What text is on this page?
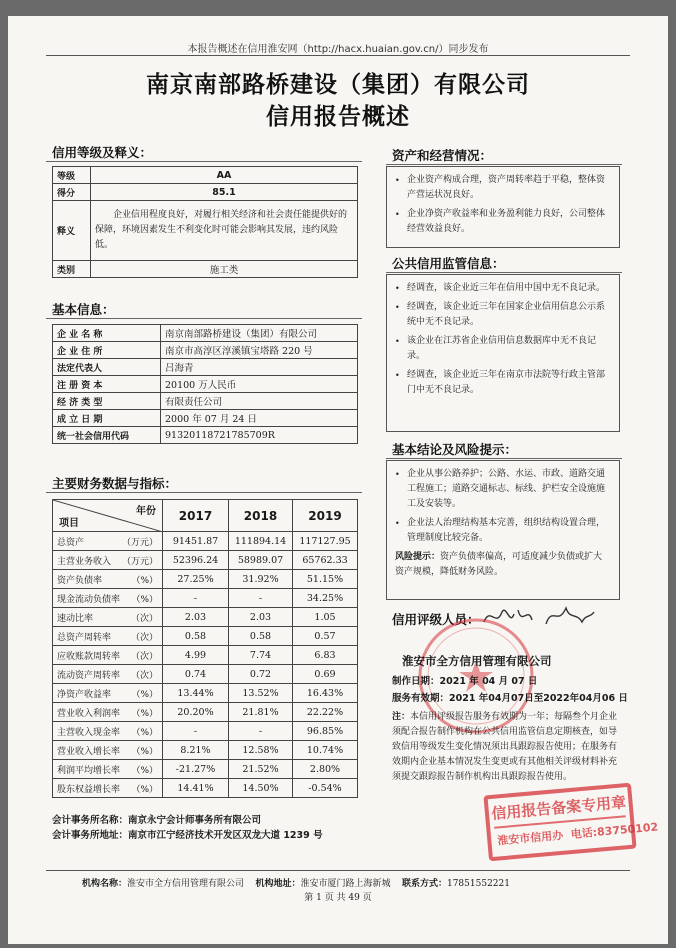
本报告概述在信用淮安网（http://hacx.huaian.gov.cn/）同步发布
南京南部路桥建设（集团）有限公司
信用报告概述
信用等级及释义：
等级	AA
得分	85.1
释义	企业信用程度良好，对履行相关经济和社会责任能提供好的保障，环境因素发生不利变化时可能会影响其发展，违约风险低。
类别	施工类
基本信息：
企 业 名 称	南京南部路桥建设（集团）有限公司
企 业 住 所	南京市高淳区淳溪镇宝塔路 220 号
法定代表人	吕海青
注 册 资 本	20100 万人民币
经 济 类 型	有限责任公司
成 立 日 期	2000 年 07 月 24 日
统一社会信用代码	91320118721785709R
主要财务数据与指标：
年份
项目	2017	2018	2019
总资产 （万元）	91451.87	111894.14	117127.95
主营业务收入 （万元）	52396.24	58989.07	65762.33
资产负债率 （%）	27.25%	31.92%	51.15%
现金流动负债率 （%）	-	-	34.25%
速动比率 （次）	2.03	2.03	1.05
总资产周转率 （次）	0.58	0.58	0.57
应收账款周转率 （次）	4.99	7.74	6.83
流动资产周转率 （次）	0.74	0.72	0.69
净资产收益率 （%）	13.44%	13.52%	16.43%
营业收入利润率 （%）	20.20%	21.81%	22.22%
主营收入现金率 （%）	-	-	96.85%
营业收入增长率 （%）	8.21%	12.58%	10.74%
利润平均增长率 （%）	-21.27%	21.52%	2.80%
股东权益增长率 （%）	14.41%	14.50%	-0.54%
会计事务所名称：南京永宁会计师事务所有限公司
会计事务所地址：南京市江宁经济技术开发区双龙大道 1239 号
资产和经营情况：
• 企业资产构成合理，资产周转率趋于平稳，整体资产营运状况良好。
• 企业净资产收益率和业务盈利能力良好，公司整体经营效益良好。
公共信用监管信息：
• 经调查，该企业近三年在信用中国中无不良记录。
• 经调查，该企业近三年在国家企业信用信息公示系统中无不良记录。
• 该企业在江苏省企业信用信息数据库中无不良记录。
• 经调查，该企业近三年在南京市法院等行政主管部门中无不良记录。
基本结论及风险提示：
• 企业从事公路养护；公路、水运、市政、道路交通工程施工；道路交通标志、标线、护栏安全设施施工及安装等。
• 企业法人治理结构基本完善，组织结构设置合理，管理制度比较完备。
风险提示：资产负债率偏高，可适度减少负债或扩大资产规模，降低财务风险。
信用评级人员：
淮安市全方信用管理有限公司
制作日期：2021 年 04 月 07 日
服务有效期：2021 年04月07日至2022年04月06 日
注：本信用评级报告服务有效期为一年；每隔叁个月企业须配合报告制作机构在公共信用监管信息定期核查，如导致信用等级发生变化情况须出具跟踪报告使用；在服务有效期内企业基本情况发生变更或有其他相关评级材料补充须提交跟踪报告制作机构出具跟踪报告使用。
信用报告备案专用章
淮安市信用办 电话:83750102
机构名称：淮安市全方信用管理有限公司 机构地址：淮安市厦门路上海新城 联系方式：17851552221
第 1 页 共 49 页
